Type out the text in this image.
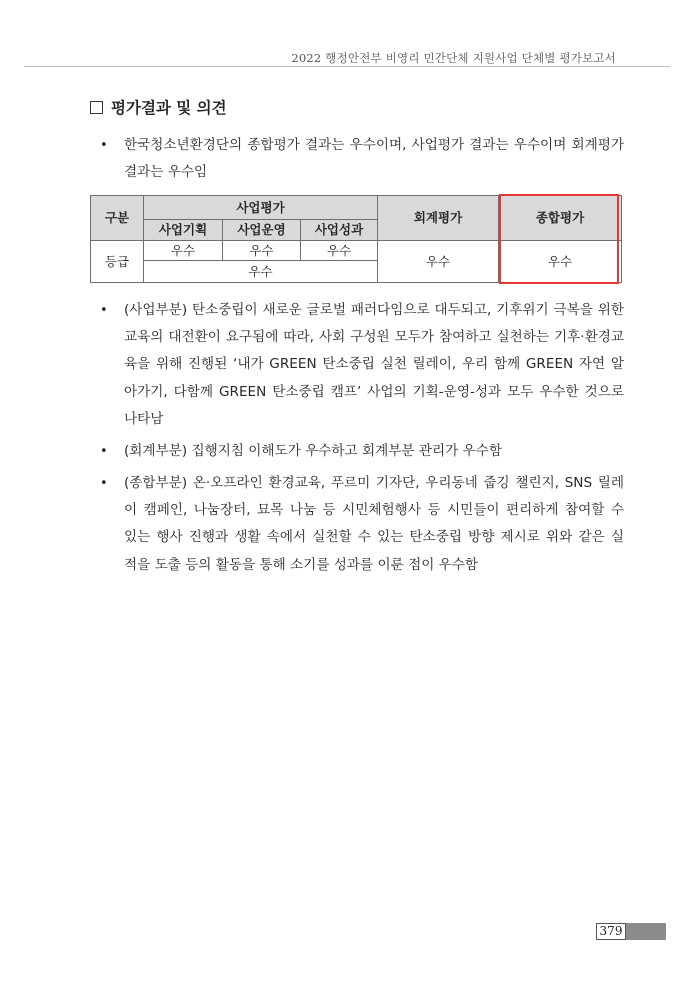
2022 행정안전부 비영리 민간단체 지원사업 단체별 평가보고서
평가결과 및 의견
•	한국청소년환경단의 종합평가 결과는 우수이며, 사업평가 결과는 우수이며 회계평가
결과는 우수임
구분	사업평가			회계평가	종합평가
	사업기획	사업운영	사업성과		
등급	우수	우수	우수	우수	우수
	우수				
•	(사업부분) 탄소중립이 새로운 글로벌 패러다임으로 대두되고, 기후위기 극복을 위한
교육의 대전환이 요구됨에 따라, 사회 구성원 모두가 참여하고 실천하는 기후·환경교
육을 위해 진행된 ‘내가 GREEN 탄소중립 실천 릴레이, 우리 함께 GREEN 자연 알
아가기, 다함께 GREEN 탄소중립 캠프’ 사업의 기획-운영-성과 모두 우수한 것으로
나타남
•	(회계부분) 집행지침 이해도가 우수하고 회계부분 관리가 우수함
•	(종합부분) 온·오프라인 환경교육, 푸르미 기자단, 우리동네 줍깅 챌린지, SNS 릴레
이 캠페인, 나눔장터, 묘목 나눔 등 시민체험행사 등 시민들이 편리하게 참여할 수
있는 행사 진행과 생활 속에서 실천할 수 있는 탄소중립 방향 제시로 위와 같은 실
적을 도출 등의 활동을 통해 소기를 성과를 이룬 점이 우수함
379
